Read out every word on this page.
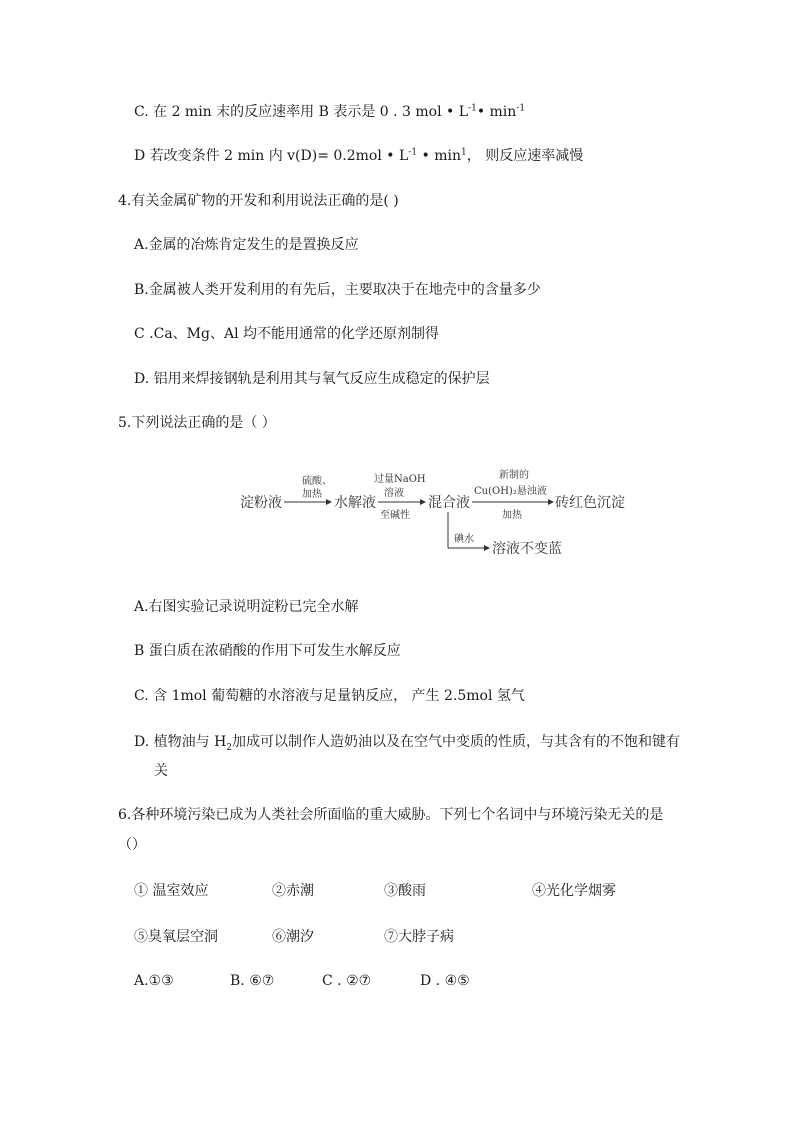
C. 在 2 min 末的反应速率用 B 表示是 0 . 3 mol • $L^{-1}•$ $\min^{-1}$
D 若改变条件 2 min 内 v(D)= 0.2mol • $L^{-1}$ • $\min^1$， 则反应速率减慢
4.有关金属矿物的开发和利用说法正确的是( )
A.金属的冶炼肯定发生的是置换反应
B.金属被人类开发利用的有先后，主要取决于在地壳中的含量多少
C .Ca、Mg、Al 均不能用通常的化学还原剂制得
D. 铝用来焊接钢轨是利用其与氧气反应生成稳定的保护层
5.下列说法正确的是（ ）
淀粉液
硫酸、
加热
水解液
过量NaOH
溶液
至碱性
混合液
新制的
Cu(OH)₂悬浊液
加热
砖红色沉淀
碘水
溶液不变蓝
A.右图实验记录说明淀粉已完全水解
B 蛋白质在浓硝酸的作用下可发生水解反应
C. 含 1mol 葡萄糖的水溶液与足量钠反应， 产生 2.5mol 氢气
D. 植物油与 $H_2$加成可以制作人造奶油以及在空气中变质的性质，与其含有的不饱和键有
关
6.各种环境污染已成为人类社会所面临的重大威胁。下列七个名词中与环境污染无关的是
（）
① 温室效应	②赤潮	③酸雨	④光化学烟雾
⑤臭氧层空洞	⑥潮汐	⑦大脖子病
A.①③	B. ⑥⑦	C . ②⑦	D . ④⑤
